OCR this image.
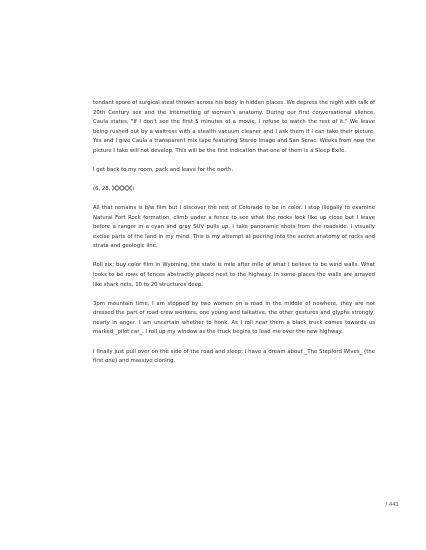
tendant spore of surgical steal thrown across his body in hidden places. We depress the night with talk of 20th Century sex and the Internetting of women's anatomy. During our first conversational silence, Caula states, "If I don't see the first 5 minutes of a movie, I refuse to watch the rest of it." We leave being rushed out by a waitress with a stealth vacuum cleaner and I ask them if I can take their picture. Yes and I give Caula a transparent mix tape featuring Stereo Image and San Serac. Weeks from now the picture I take will not develop. This will be the first indication that one of them is a Sleep Exile.

I get back to my room, pack and leave for the north.

(6, 28,	)

All that remains is b/w film but I discover the rest of Colorado to be in color. I stop illegally to examine Natural Fort Rock formation, climb under a fence to see what the rocks look like up close but I leave before a ranger in a cyan and gray SUV pulls up. I take panoramic shots from the roadside. I visually excise parts of the land in my mind. This is my attempt at peering into the secret anatomy of rocks and strata and geologic line.

Roll six; buy color film in Wyoming, the state is mile after mile of what I believe to be wind walls. What looks to be rows of fences abstractly placed next to the highway. In some places the walls are arrayed like shark nets, 10 to 20 structures deep.

3pm mountain time, I am stopped by two women on a road in the middle of nowhere, they are not dressed the part of road crew workers, one young and talkative, the other gestures and glyphs strongly, nearly in anger. I am uncertain whether to honk. As I roll near them a black truck comes towards us marked _pilot car_. I roll up my window as the truck begins to lead me over the new highway.

I finally just pull over on the side of the road and sleep; I have a dream about _The Stepford Wives_ (the first one) and massive cloning.

/ 441
